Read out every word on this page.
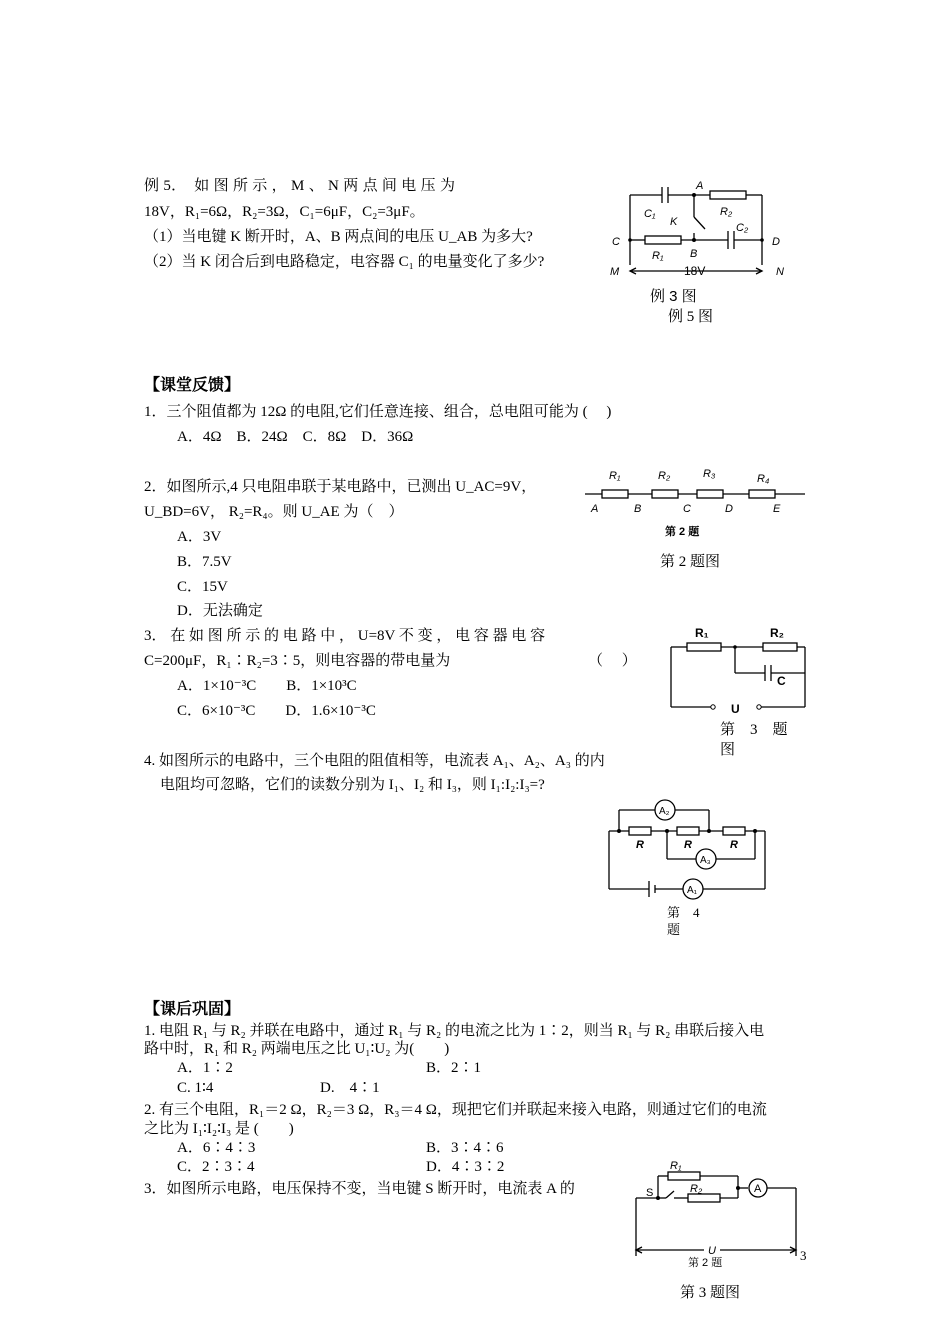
例 5．　如 图 所 示 ， M 、 N 两 点 间 电 压 为
18V，R₁=6Ω，R₂=3Ω，C₁=6μF，C₂=3μF。
（1）当电键 K 断开时，A、B 两点间的电压 U_AB 为多大?
（2）当 K 闭合后到电路稳定，电容器 C₁ 的电量变化了多少?
A
C₁
K
R₂
C₂
C	D
R₁ B
M	N
18V
例 3 图
例 5 图
【课堂反馈】
1．三个阻值都为 12Ω 的电阻,它们任意连接、组合，总电阻可能为 (　 )
A．4Ω　B．24Ω　C．8Ω　D．36Ω
2．如图所示,4 只电阻串联于某电路中，已测出 U_AC=9V，
U_BD=6V， R₂=R₄。则 U_AE 为（　）
A．3V
B．7.5V
C．15V
D．无法确定
R₁	R₂	R₃	R₄
A	B	C	D	E
第 2 题
第 2 题图
3． 在 如 图 所 示 的 电 路 中 ， U=8V 不 变 ， 电 容 器 电 容
C=200μF，R₁∶R₂=3∶5，则电容器的带电量为	（　 ）
A．1×10⁻³C　　B．1×10³C
C．6×10⁻³C　　D．1.6×10⁻³C
R₁	R₂
C
U
第　3　题
图
4. 如图所示的电路中，三个电阻的阻值相等，电流表 A₁、A₂、A₃ 的内
电阻均可忽略，它们的读数分别为 I₁、I₂ 和 I₃，则 I₁:I₂:I₃=?
A₂
A₃
A₁
R	R	R
第　4
题
【课后巩固】
1. 电阻 R₁ 与 R₂ 并联在电路中，通过 R₁ 与 R₂ 的电流之比为 1∶2，则当 R₁ 与 R₂ 串联后接入电
路中时，R₁ 和 R₂ 两端电压之比 U₁∶U₂ 为(　　)
A．1∶2	B．2∶1
C. 1∶4	D.　4∶1
2. 有三个电阻，R₁＝2 Ω，R₂＝3 Ω，R₃＝4 Ω，现把它们并联起来接入电路，则通过它们的电流
之比为 I₁∶I₂∶I₃ 是 (　　)
A．6∶4∶3	B．3∶4∶6
C．2∶3∶4	D．4∶3∶2
3．如图所示电路，电压保持不变，当电键 S 断开时，电流表 A 的
R₁
R₂
U
S	A
第 2 题	3
第 3 题图
